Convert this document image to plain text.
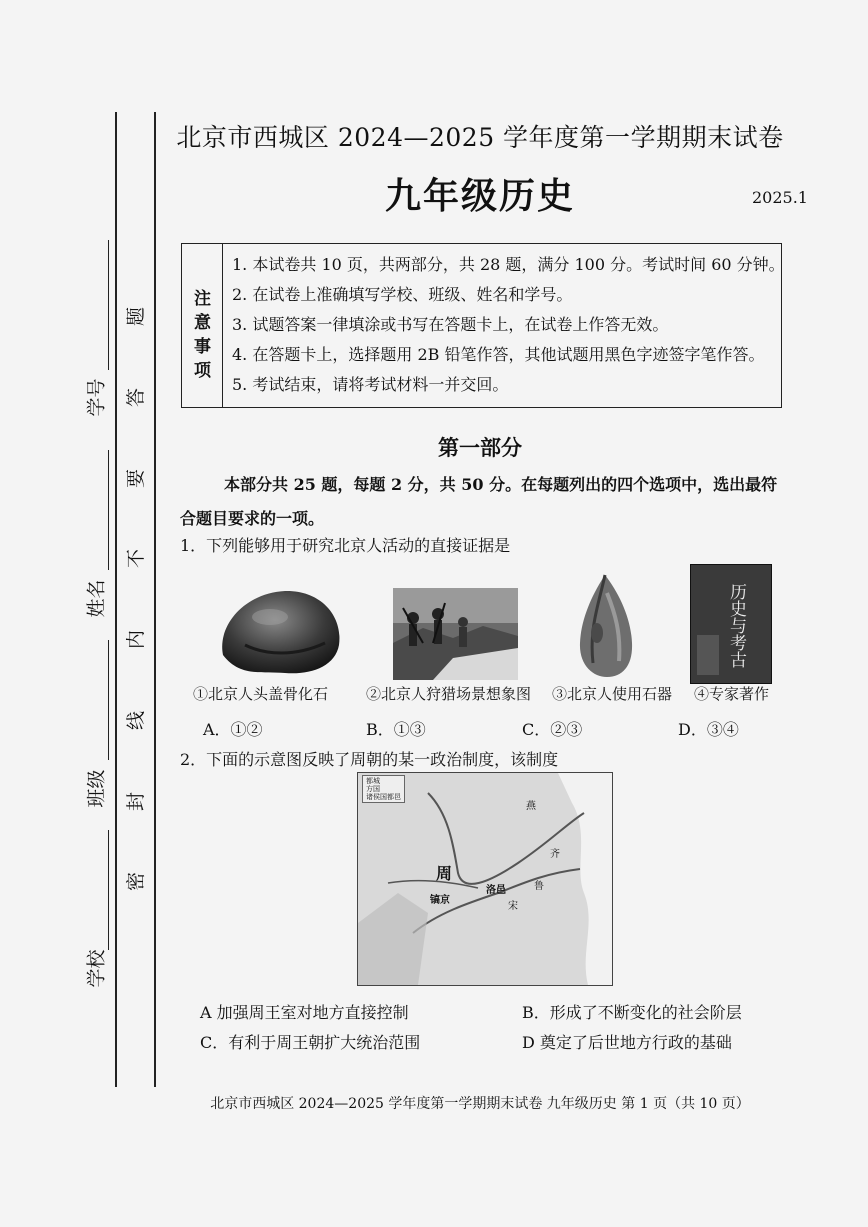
学号
姓名
班级
学校
题
答
要
不
内
线
封
密
北京市西城区 2024—2025 学年度第一学期期末试卷
九年级历史	2025.1
注
意
事
项
1. 本试卷共 10 页，共两部分，共 28 题，满分 100 分。考试时间 60 分钟。
2. 在试卷上准确填写学校、班级、姓名和学号。
3. 试题答案一律填涂或书写在答题卡上，在试卷上作答无效。
4. 在答题卡上，选择题用 2B 铅笔作答，其他试题用黑色字迹签字笔作答。
5. 考试结束，请将考试材料一并交回。
第一部分
本部分共 25 题，每题 2 分，共 50 分。在每题列出的四个选项中，选出最符合题目要求的一项。
1．下列能够用于研究北京人活动的直接证据是
历史与考古
①北京人头盖骨化石	②北京人狩猎场景想象图 ③北京人使用石器 ④专家著作
A．①②	B．①③	C．②③	D．③④
2．下面的示意图反映了周朝的某一政治制度，该制度
都城
方国
诸侯国都邑
周
镐京
洛邑
燕
齐
鲁
宋
A 加强周王室对地方直接控制	B．形成了不断变化的社会阶层
C．有利于周王朝扩大统治范围	D 奠定了后世地方行政的基础
北京市西城区 2024—2025 学年度第一学期期末试卷 九年级历史 第 1 页（共 10 页）
